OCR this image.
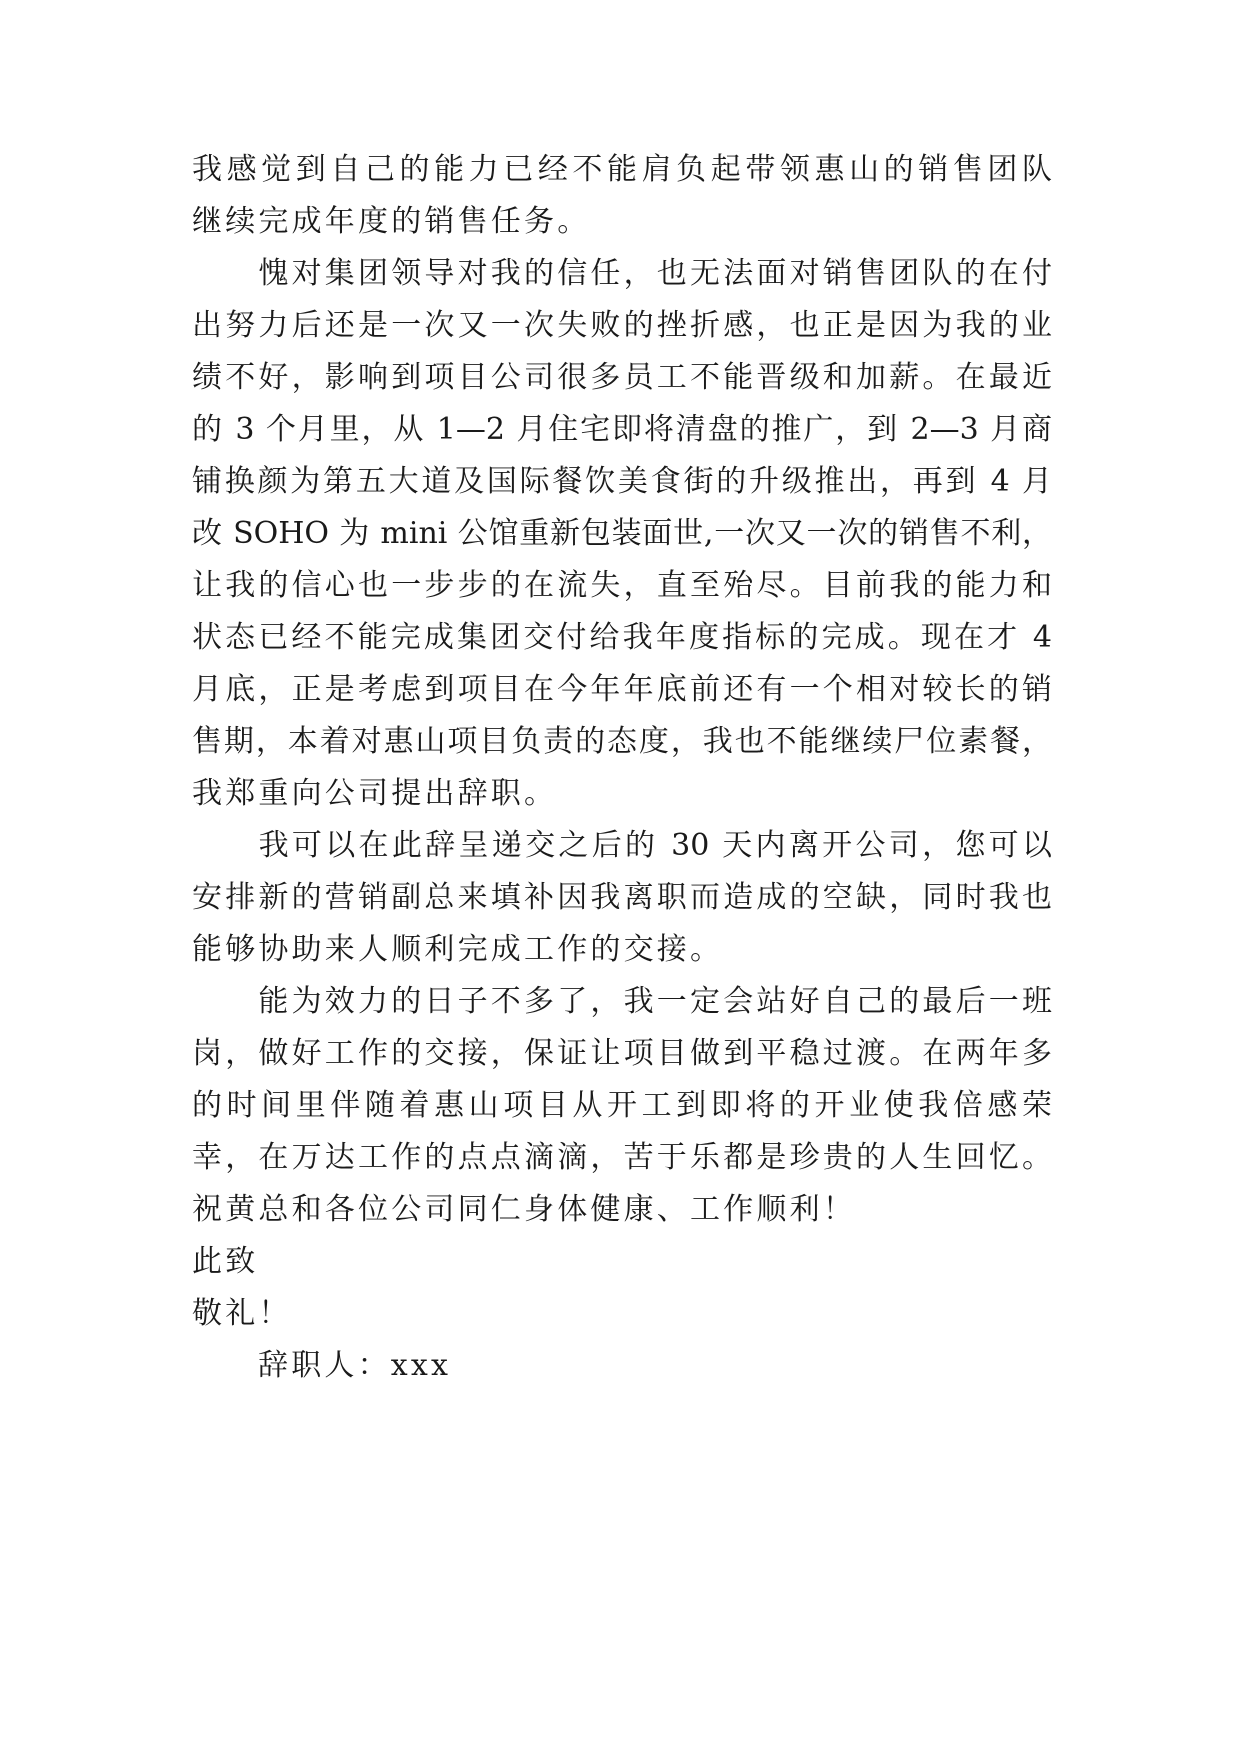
我感觉到自己的能力已经不能肩负起带领惠山的销售团队

继续完成年度的销售任务。

　　愧对集团领导对我的信任，也无法面对销售团队的在付

出努力后还是一次又一次失败的挫折感，也正是因为我的业

绩不好，影响到项目公司很多员工不能晋级和加薪。在最近

的 3 个月里，从 1—2 月住宅即将清盘的推广，到 2—3 月商

铺换颜为第五大道及国际餐饮美食街的升级推出，再到 4 月

改 SOHO 为 mini 公馆重新包装面世,一次又一次的销售不利，

让我的信心也一步步的在流失，直至殆尽。目前我的能力和

状态已经不能完成集团交付给我年度指标的完成。现在才 4

月底，正是考虑到项目在今年年底前还有一个相对较长的销

售期，本着对惠山项目负责的态度，我也不能继续尸位素餐，

我郑重向公司提出辞职。

　　我可以在此辞呈递交之后的 30 天内离开公司，您可以

安排新的营销副总来填补因我离职而造成的空缺，同时我也

能够协助来人顺利完成工作的交接。

　　能为效力的日子不多了，我一定会站好自己的最后一班

岗，做好工作的交接，保证让项目做到平稳过渡。在两年多

的时间里伴随着惠山项目从开工到即将的开业使我倍感荣

幸，在万达工作的点点滴滴，苦于乐都是珍贵的人生回忆。

祝黄总和各位公司同仁身体健康、工作顺利！

此致

敬礼！

辞职人：xxx
